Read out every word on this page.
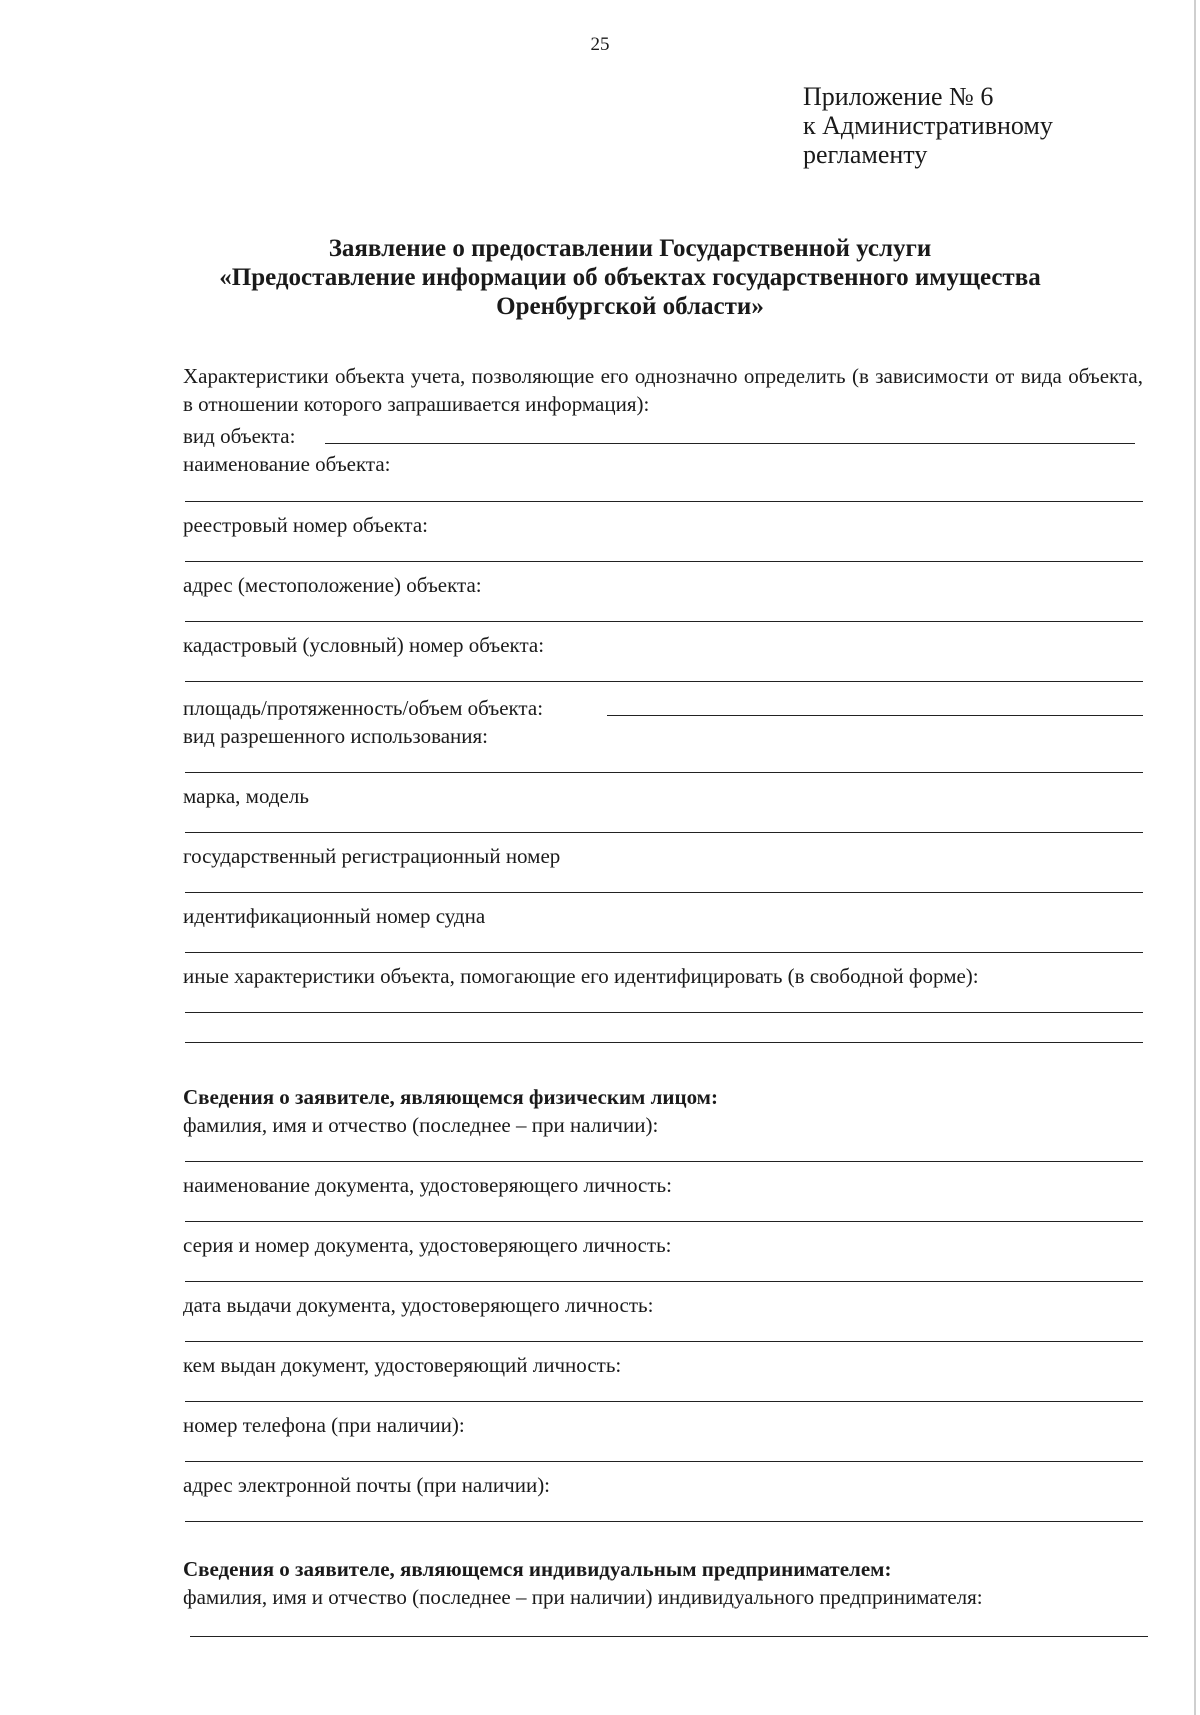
25
Приложение № 6
к Административному
регламенту
Заявление о предоставлении Государственной услуги
«Предоставление информации об объектах государственного имущества
Оренбургской области»
Характеристики объекта учета, позволяющие его однозначно определить (в зависимости от вида объекта, в отношении которого запрашивается информация):
вид объекта:
наименование объекта:
реестровый номер объекта:
адрес (местоположение) объекта:
кадастровый (условный) номер объекта:
площадь/протяженность/объем объекта:
вид разрешенного использования:
марка, модель
государственный регистрационный номер
идентификационный номер судна
иные характеристики объекта, помогающие его идентифицировать (в свободной форме):
Сведения о заявителе, являющемся физическим лицом:
фамилия, имя и отчество (последнее – при наличии):
наименование документа, удостоверяющего личность:
серия и номер документа, удостоверяющего личность:
дата выдачи документа, удостоверяющего личность:
кем выдан документ, удостоверяющий личность:
номер телефона (при наличии):
адрес электронной почты (при наличии):
Сведения о заявителе, являющемся индивидуальным предпринимателем:
фамилия, имя и отчество (последнее – при наличии) индивидуального предпринимателя:
